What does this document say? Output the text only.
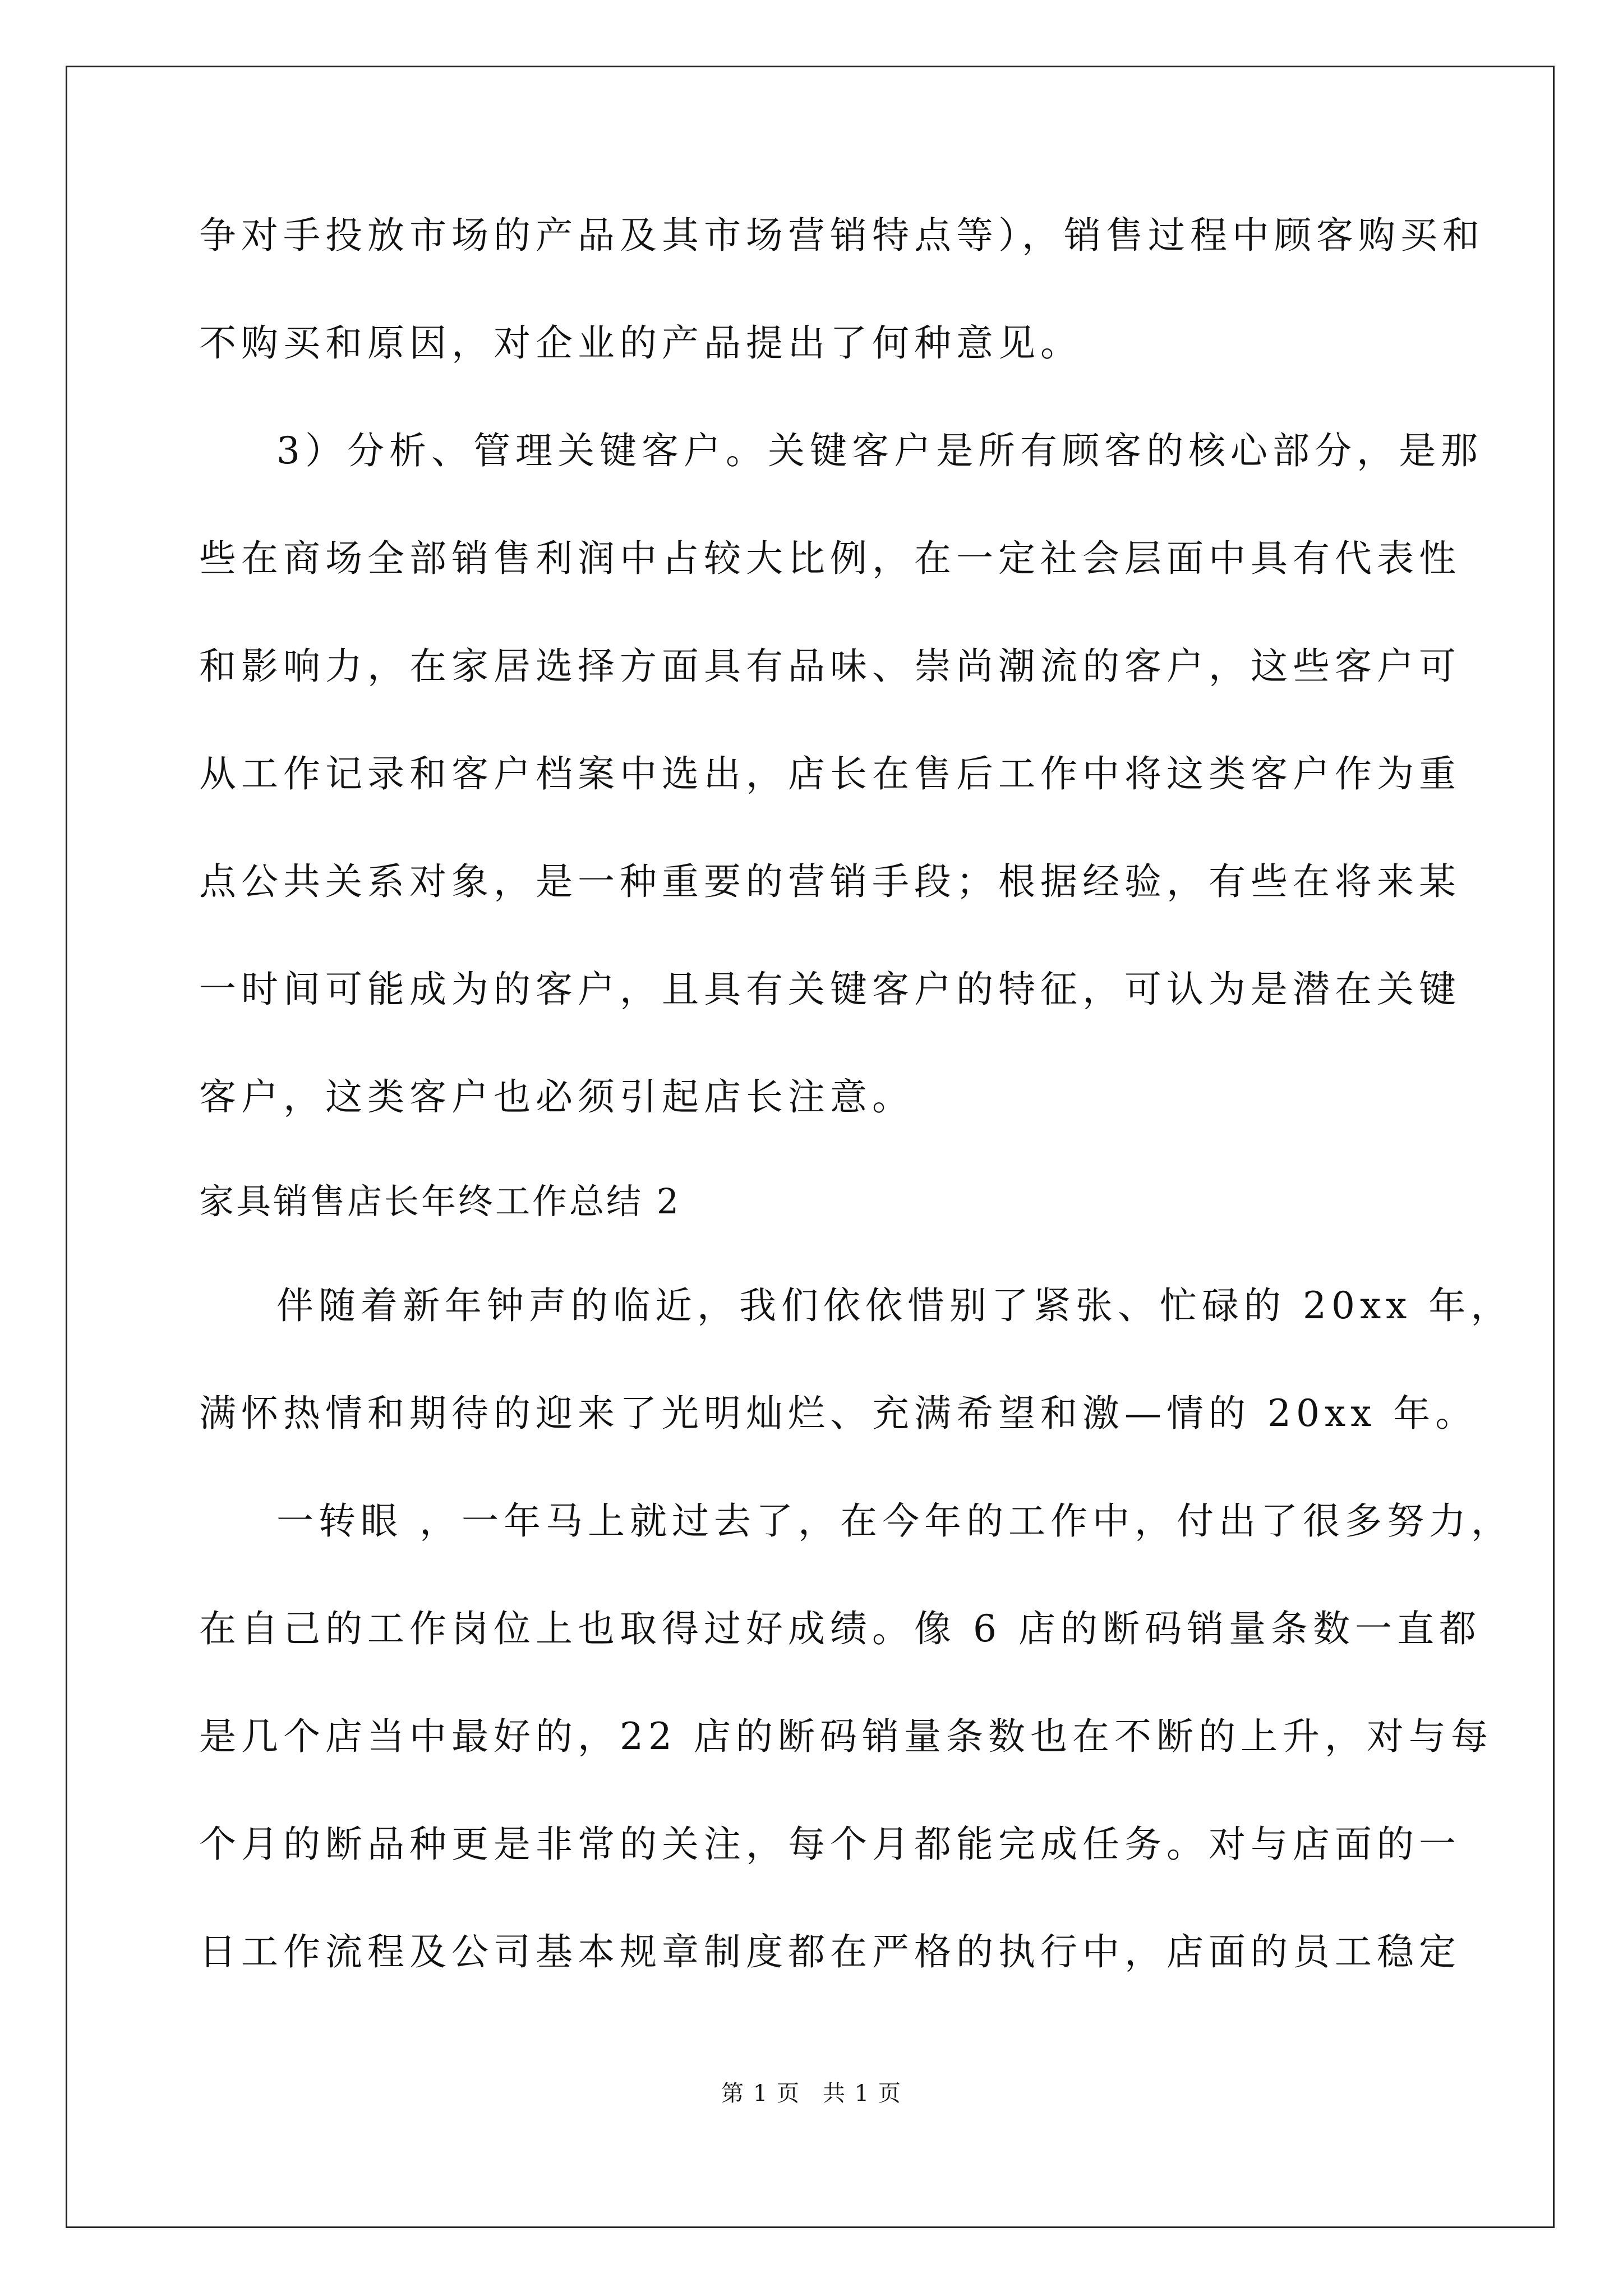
争对手投放市场的产品及其市场营销特点等），销售过程中顾客购买和
不购买和原因，对企业的产品提出了何种意见。
3）分析、管理关键客户。关键客户是所有顾客的核心部分，是那
些在商场全部销售利润中占较大比例，在一定社会层面中具有代表性
和影响力，在家居选择方面具有品味、崇尚潮流的客户，这些客户可
从工作记录和客户档案中选出，店长在售后工作中将这类客户作为重
点公共关系对象，是一种重要的营销手段；根据经验，有些在将来某
一时间可能成为的客户，且具有关键客户的特征，可认为是潜在关键
客户，这类客户也必须引起店长注意。
家具销售店长年终工作总结 2
伴随着新年钟声的临近，我们依依惜别了紧张、忙碌的 20xx 年，
满怀热情和期待的迎来了光明灿烂、充满希望和激—情的 20xx 年。
一转眼 ，一年马上就过去了，在今年的工作中，付出了很多努力，
在自己的工作岗位上也取得过好成绩。像 6 店的断码销量条数一直都
是几个店当中最好的，22 店的断码销量条数也在不断的上升，对与每
个月的断品种更是非常的关注，每个月都能完成任务。对与店面的一
日工作流程及公司基本规章制度都在严格的执行中，店面的员工稳定
第 1 页 共 1 页
